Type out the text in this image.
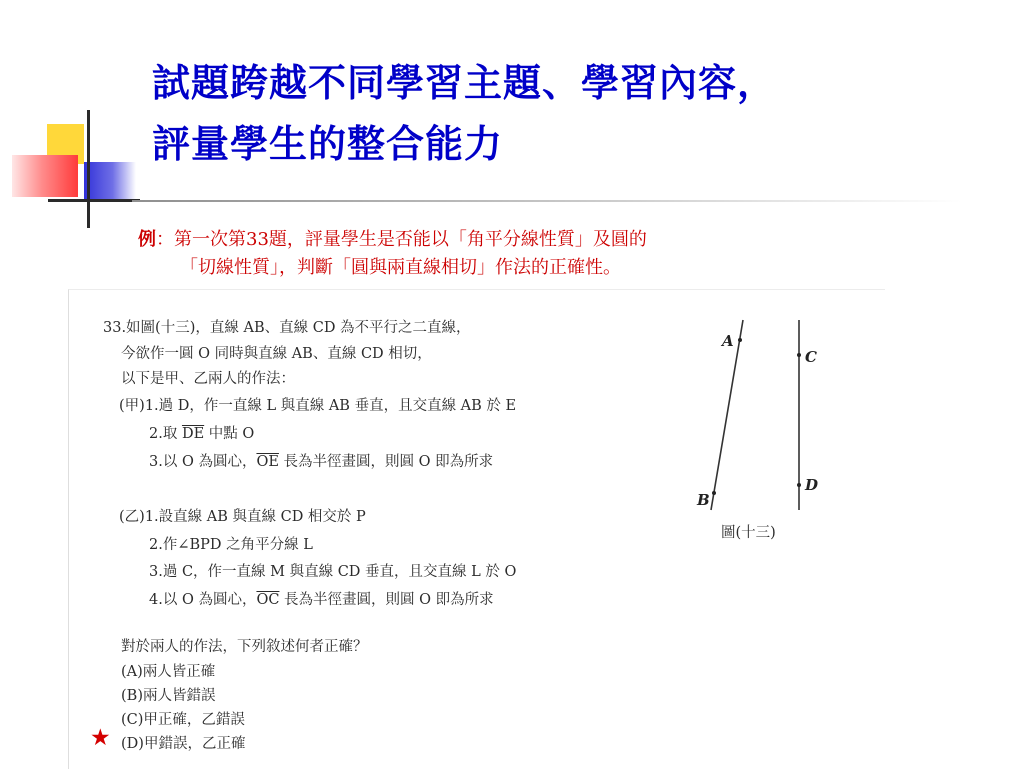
試題跨越不同學習主題、學習內容，
評量學生的整合能力
例：第一次第33題，評量學生是否能以「角平分線性質」及圓的
「切線性質」，判斷「圓與兩直線相切」作法的正確性。
33.如圖(十三)，直線 AB、直線 CD 為不平行之二直線，
今欲作一圓 O 同時與直線 AB、直線 CD 相切，
以下是甲、乙兩人的作法：
(甲)1.過 D，作一直線 L 與直線 AB 垂直，且交直線 AB 於 E
2.取 $\overline{DE}$ 中點 O
3.以 O 為圓心，$\overline{OE}$ 長為半徑畫圓，則圓 O 即為所求
(乙)1.設直線 AB 與直線 CD 相交於 P
2.作∠BPD 之角平分線 L
3.過 C，作一直線 M 與直線 CD 垂直，且交直線 L 於 O
4.以 O 為圓心，$\overline{OC}$ 長為半徑畫圓，則圓 O 即為所求
對於兩人的作法，下列敘述何者正確？
(A)兩人皆正確
(B)兩人皆錯誤
(C)甲正確，乙錯誤
★ (D)甲錯誤，乙正確
A
B
C
D
圖(十三)
